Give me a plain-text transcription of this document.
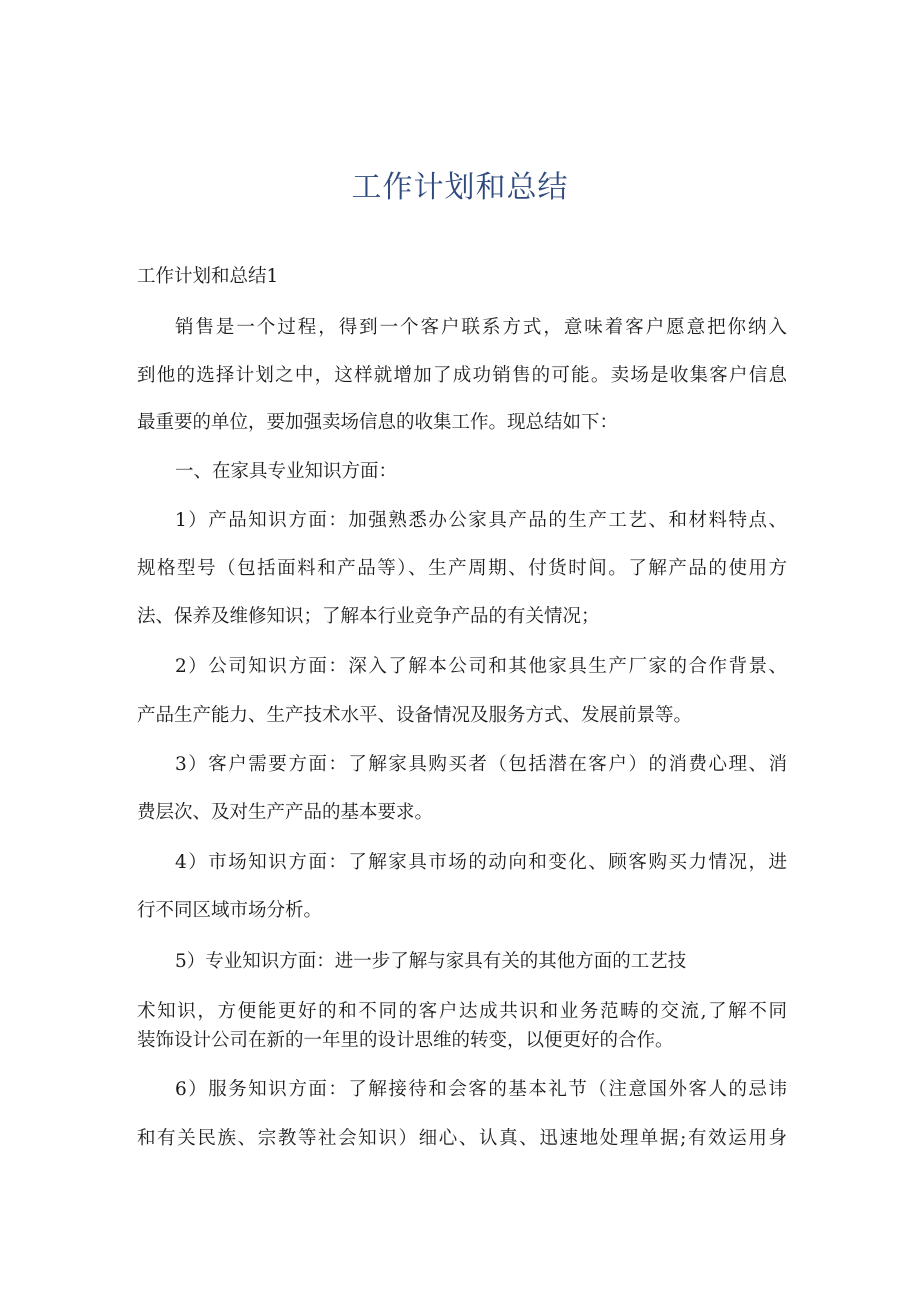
工作计划和总结
工作计划和总结1
销售是一个过程，得到一个客户联系方式，意味着客户愿意把你纳入
到他的选择计划之中，这样就增加了成功销售的可能。卖场是收集客户信息
最重要的单位，要加强卖场信息的收集工作。现总结如下：
一、在家具专业知识方面：
1）产品知识方面：加强熟悉办公家具产品的生产工艺、和材料特点、
规格型号（包括面料和产品等）、生产周期、付货时间。了解产品的使用方
法、保养及维修知识；了解本行业竞争产品的有关情况；
2）公司知识方面：深入了解本公司和其他家具生产厂家的合作背景、
产品生产能力、生产技术水平、设备情况及服务方式、发展前景等。
3）客户需要方面：了解家具购买者（包括潜在客户）的消费心理、消
费层次、及对生产产品的基本要求。
4）市场知识方面：了解家具市场的动向和变化、顾客购买力情况，进
行不同区域市场分析。
5）专业知识方面：进一步了解与家具有关的其他方面的工艺技
术知识，方便能更好的和不同的客户达成共识和业务范畴的交流,了解不同
装饰设计公司在新的一年里的设计思维的转变，以便更好的合作。
6）服务知识方面：了解接待和会客的基本礼节（注意国外客人的忌讳
和有关民族、宗教等社会知识）细心、认真、迅速地处理单据;有效运用身
